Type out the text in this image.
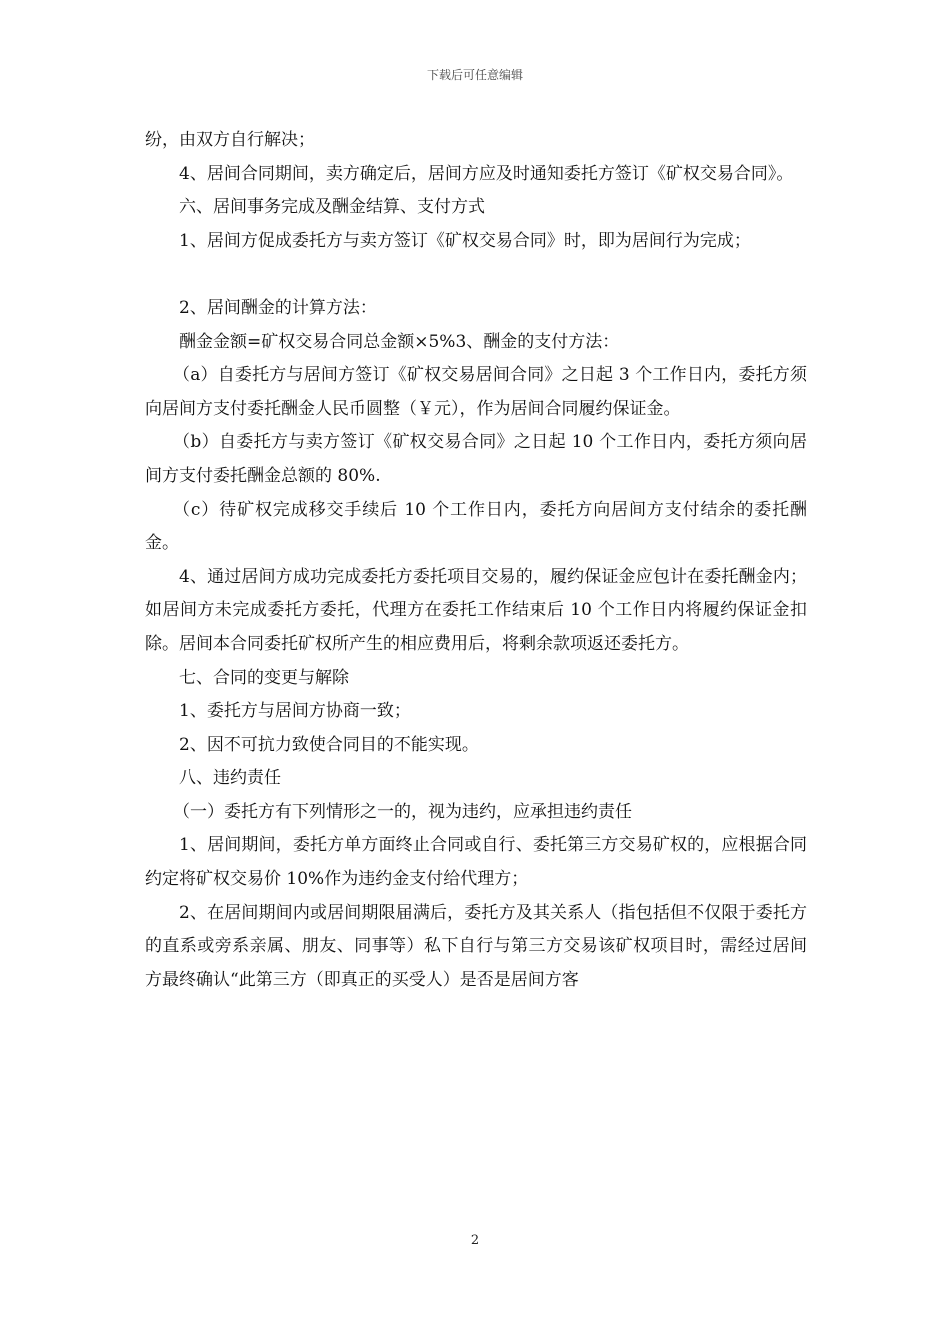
下载后可任意编辑

纷，由双方自行解决；

4、居间合同期间，卖方确定后，居间方应及时通知委托方签订《矿权交易合同》。

六、居间事务完成及酬金结算、支付方式

1、居间方促成委托方与卖方签订《矿权交易合同》时，即为居间行为完成；

2、居间酬金的计算方法：

酬金金额=矿权交易合同总金额×5%3、酬金的支付方法：

（a）自委托方与居间方签订《矿权交易居间合同》之日起 3 个工作日内，委托方须向居间方支付委托酬金人民币圆整（￥元），作为居间合同履约保证金。

（b）自委托方与卖方签订《矿权交易合同》之日起 10 个工作日内，委托方须向居间方支付委托酬金总额的 80%.

（c）待矿权完成移交手续后 10 个工作日内，委托方向居间方支付结余的委托酬金。

4、通过居间方成功完成委托方委托项目交易的，履约保证金应包计在委托酬金内；如居间方未完成委托方委托，代理方在委托工作结束后 10 个工作日内将履约保证金扣除。居间本合同委托矿权所产生的相应费用后，将剩余款项返还委托方。

七、合同的变更与解除

1、委托方与居间方协商一致；

2、因不可抗力致使合同目的不能实现。

八、违约责任

（一）委托方有下列情形之一的，视为违约，应承担违约责任

1、居间期间，委托方单方面终止合同或自行、委托第三方交易矿权的，应根据合同约定将矿权交易价 10%作为违约金支付给代理方；

2、在居间期间内或居间期限届满后，委托方及其关系人（指包括但不仅限于委托方的直系或旁系亲属、朋友、同事等）私下自行与第三方交易该矿权项目时，需经过居间方最终确认“此第三方（即真正的买受人）是否是居间方客

2
